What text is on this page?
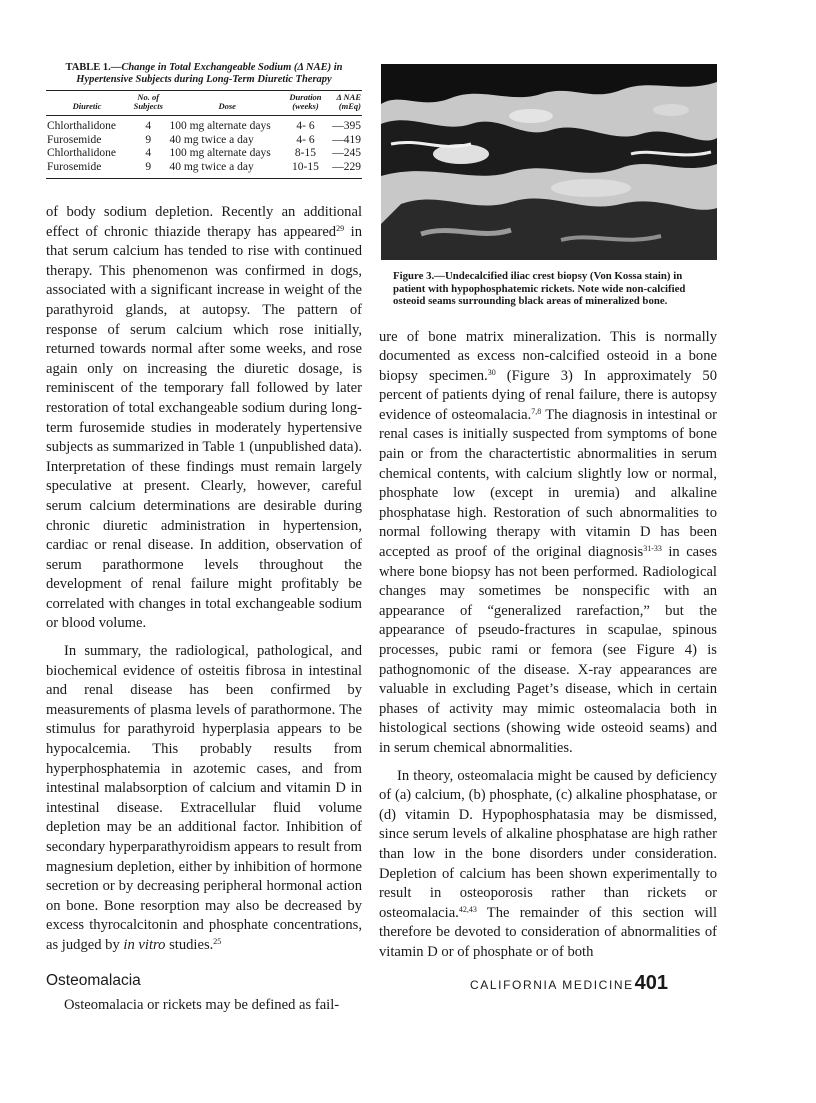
TABLE 1.—Change in Total Exchangeable Sodium (Δ NAE) in Hypertensive Subjects during Long-Term Diuretic Therapy
Diuretic	No. of Subjects	Dose	Duration (weeks)	Δ NAE (mEq)
Chlorthalidone	4	100 mg alternate days	4- 6	—395
Furosemide	9	40 mg twice a day	4- 6	—419
Chlorthalidone	4	100 mg alternate days	8-15	—245
Furosemide	9	40 mg twice a day	10-15	—229

of body sodium depletion. Recently an additional effect of chronic thiazide therapy has appeared$^{29}$ in that serum calcium has tended to rise with continued therapy. This phenomenon was confirmed in dogs, associated with a significant increase in weight of the parathyroid glands, at autopsy. The pattern of response of serum calcium which rose initially, returned towards normal after some weeks, and rose again only on increasing the diuretic dosage, is reminiscent of the temporary fall followed by later restoration of total exchangeable sodium during long-term furosemide studies in moderately hypertensive subjects as summarized in Table 1 (unpublished data). Interpretation of these findings must remain largely speculative at present. Clearly, however, careful serum calcium determinations are desirable during chronic diuretic administration in hypertension, cardiac or renal disease. In addition, observation of serum parathormone levels throughout the development of renal failure might profitably be correlated with changes in total exchangeable sodium or blood volume.

In summary, the radiological, pathological, and biochemical evidence of osteitis fibrosa in intestinal and renal disease has been confirmed by measurements of plasma levels of parathormone. The stimulus for parathyroid hyperplasia appears to be hypocalcemia. This probably results from hyperphosphatemia in azotemic cases, and from intestinal malabsorption of calcium and vitamin D in intestinal disease. Extracellular fluid volume depletion may be an additional factor. Inhibition of secondary hyperparathyroidism appears to result from magnesium depletion, either by inhibition of hormone secretion or by decreasing peripheral hormonal action on bone. Bone resorption may also be decreased by excess thyrocalcitonin and phosphate concentrations, as judged by in vitro studies.$^{25}$

Osteomalacia

Osteomalacia or rickets may be defined as fail-

Figure 3.—Undecalcified iliac crest biopsy (Von Kossa stain) in patient with hypophosphatemic rickets. Note wide non-calcified osteoid seams surrounding black areas of mineralized bone.

ure of bone matrix mineralization. This is normally documented as excess non-calcified osteoid in a bone biopsy specimen.$^{30}$ (Figure 3) In approximately 50 percent of patients dying of renal failure, there is autopsy evidence of osteomalacia.$^{7,8}$ The diagnosis in intestinal or renal cases is initially suspected from symptoms of bone pain or from the charactertistic abnormalities in serum chemical contents, with calcium slightly low or normal, phosphate low (except in uremia) and alkaline phosphatase high. Restoration of such abnormalities to normal following therapy with vitamin D has been accepted as proof of the original diagnosis$^{31-33}$ in cases where bone biopsy has not been performed. Radiological changes may sometimes be nonspecific with an appearance of “generalized rarefaction,” but the appearance of pseudo-fractures in scapulae, spinous processes, pubic rami or femora (see Figure 4) is pathognomonic of the disease. X-ray appearances are valuable in excluding Paget’s disease, which in certain phases of activity may mimic osteomalacia both in histological sections (showing wide osteoid seams) and in serum chemical abnormalities.

In theory, osteomalacia might be caused by deficiency of (a) calcium, (b) phosphate, (c) alkaline phosphatase, or (d) vitamin D. Hypophosphatasia may be dismissed, since serum levels of alkaline phosphatase are high rather than low in the bone disorders under consideration. Depletion of calcium has been shown experimentally to result in osteoporosis rather than rickets or osteomalacia.$^{42,43}$ The remainder of this section will therefore be devoted to consideration of abnormalities of vitamin D or of phosphate or of both

CALIFORNIA MEDICINE 401
